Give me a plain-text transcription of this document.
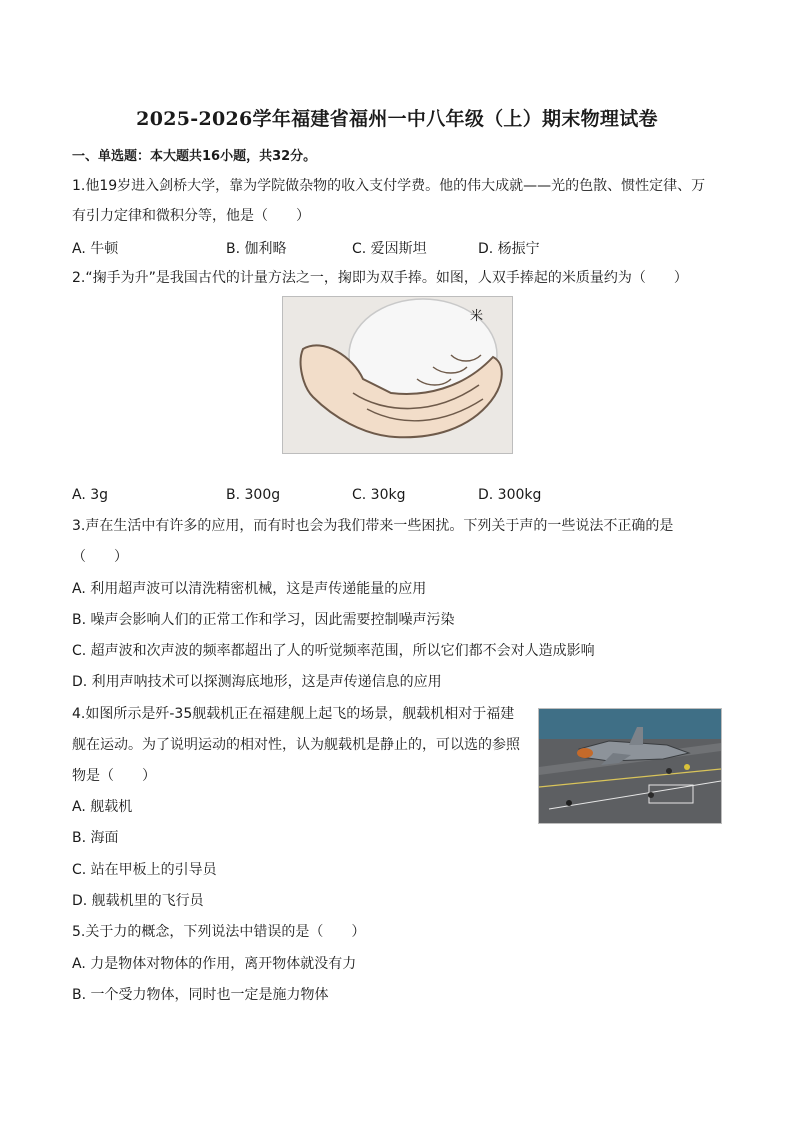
2025-2026学年福建省福州一中八年级（上）期末物理试卷
一、单选题：本大题共16小题，共32分。
1.他19岁进入剑桥大学，靠为学院做杂物的收入支付学费。他的伟大成就——光的色散、惯性定律、万
有引力定律和微积分等，他是（　　）
A. 牛顿	B. 伽利略	C. 爱因斯坦	D. 杨振宁
2.“掬手为升”是我国古代的计量方法之一，掬即为双手捧。如图，人双手捧起的米质量约为（　　）
米
A. 3g	B. 300g	C. 30kg	D. 300kg
3.声在生活中有许多的应用，而有时也会为我们带来一些困扰。下列关于声的一些说法不正确的是
（　　）
A. 利用超声波可以清洗精密机械，这是声传递能量的应用
B. 噪声会影响人们的正常工作和学习，因此需要控制噪声污染
C. 超声波和次声波的频率都超出了人的听觉频率范围，所以它们都不会对人造成影响
D. 利用声呐技术可以探测海底地形，这是声传递信息的应用
4.如图所示是歼-35舰载机正在福建舰上起飞的场景，舰载机相对于福建
舰在运动。为了说明运动的相对性，认为舰载机是静止的，可以选的参照
物是（　　）
A. 舰载机
B. 海面
C. 站在甲板上的引导员
D. 舰载机里的飞行员
5.关于力的概念，下列说法中错误的是（　　）
A. 力是物体对物体的作用，离开物体就没有力
B. 一个受力物体，同时也一定是施力物体
